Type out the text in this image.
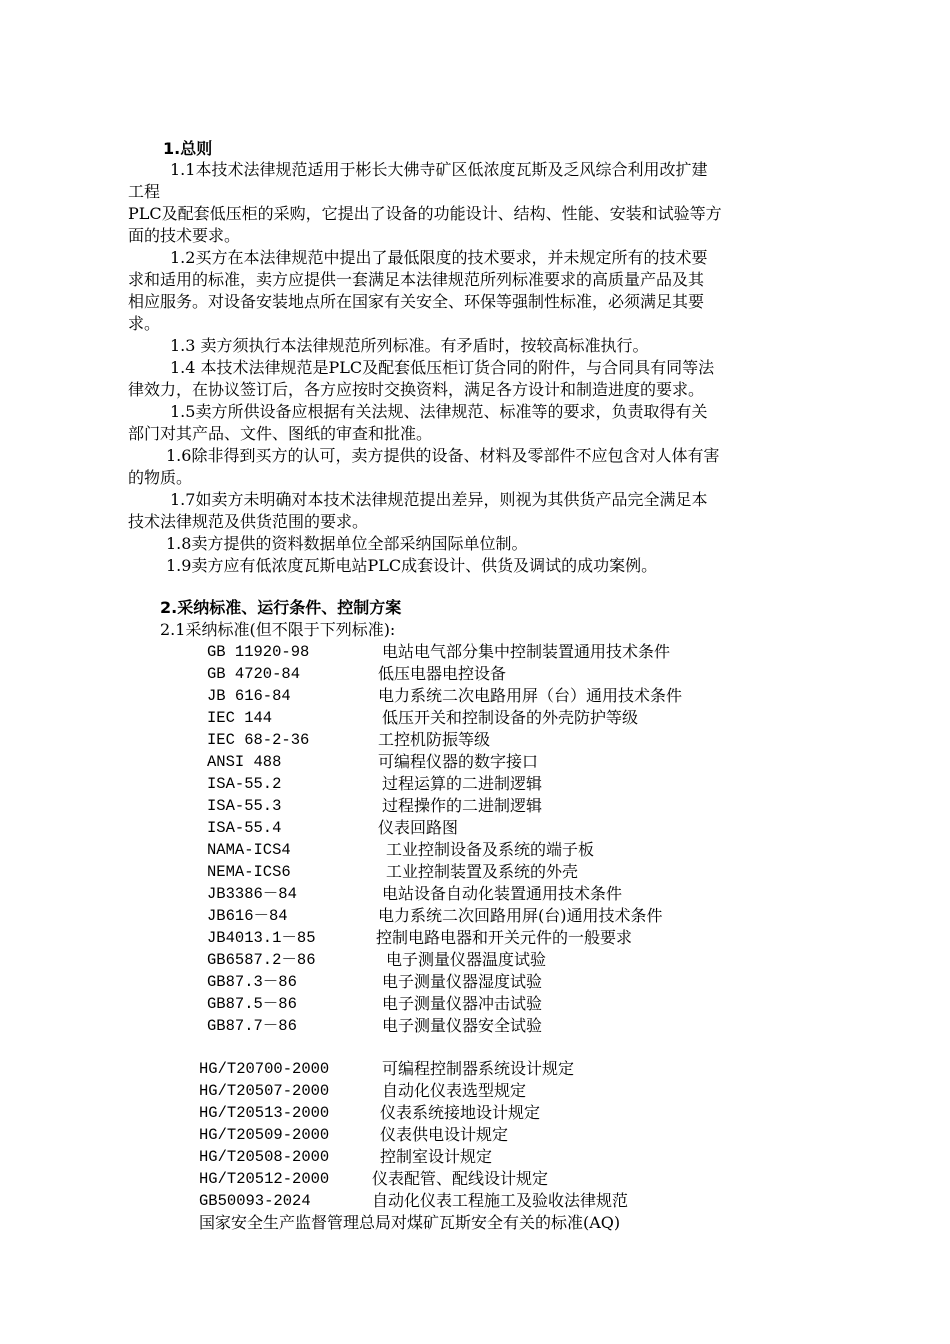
1.总则
1.1本技术法律规范适用于彬长大佛寺矿区低浓度瓦斯及乏风综合利用改扩建
工程
PLC及配套低压柜的采购，它提出了设备的功能设计、结构、性能、安装和试验等方
面的技术要求。
1.2买方在本法律规范中提出了最低限度的技术要求，并未规定所有的技术要
求和适用的标准，卖方应提供一套满足本法律规范所列标准要求的高质量产品及其
相应服务。对设备安装地点所在国家有关安全、环保等强制性标准，必须满足其要
求。
1.3 卖方须执行本法律规范所列标准。有矛盾时，按较高标准执行。
1.4 本技术法律规范是PLC及配套低压柜订货合同的附件，与合同具有同等法
律效力，在协议签订后，各方应按时交换资料，满足各方设计和制造进度的要求。
1.5卖方所供设备应根据有关法规、法律规范、标准等的要求，负责取得有关
部门对其产品、文件、图纸的审查和批准。
1.6除非得到买方的认可，卖方提供的设备、材料及零部件不应包含对人体有害
的物质。
1.7如卖方未明确对本技术法律规范提出差异，则视为其供货产品完全满足本
技术法律规范及供货范围的要求。
1.8卖方提供的资料数据单位全部采纳国际单位制。
1.9卖方应有低浓度瓦斯电站PLC成套设计、供货及调试的成功案例。
2.采纳标准、运行条件、控制方案
2.1采纳标准(但不限于下列标准):
GB 11920-98	电站电气部分集中控制装置通用技术条件
GB 4720-84	低压电器电控设备
JB 616-84	电力系统二次电路用屏（台）通用技术条件
IEC 144	低压开关和控制设备的外壳防护等级
IEC 68-2-36	工控机防振等级
ANSI 488	可编程仪器的数字接口
ISA-55.2	过程运算的二进制逻辑
ISA-55.3	过程操作的二进制逻辑
ISA-55.4	仪表回路图
NAMA-ICS4	工业控制设备及系统的端子板
NEMA-ICS6	工业控制装置及系统的外壳
JB3386－84	电站设备自动化装置通用技术条件
JB616－84	电力系统二次回路用屏(台)通用技术条件
JB4013.1－85	控制电路电器和开关元件的一般要求
GB6587.2－86	电子测量仪器温度试验
GB87.3－86	电子测量仪器湿度试验
GB87.5－86	电子测量仪器冲击试验
GB87.7－86	电子测量仪器安全试验
HG/T20700-2000	可编程控制器系统设计规定
HG/T20507-2000	自动化仪表选型规定
HG/T20513-2000	仪表系统接地设计规定
HG/T20509-2000	仪表供电设计规定
HG/T20508-2000	控制室设计规定
HG/T20512-2000	仪表配管、配线设计规定
GB50093-2024	自动化仪表工程施工及验收法律规范
国家安全生产监督管理总局对煤矿瓦斯安全有关的标准(AQ)
